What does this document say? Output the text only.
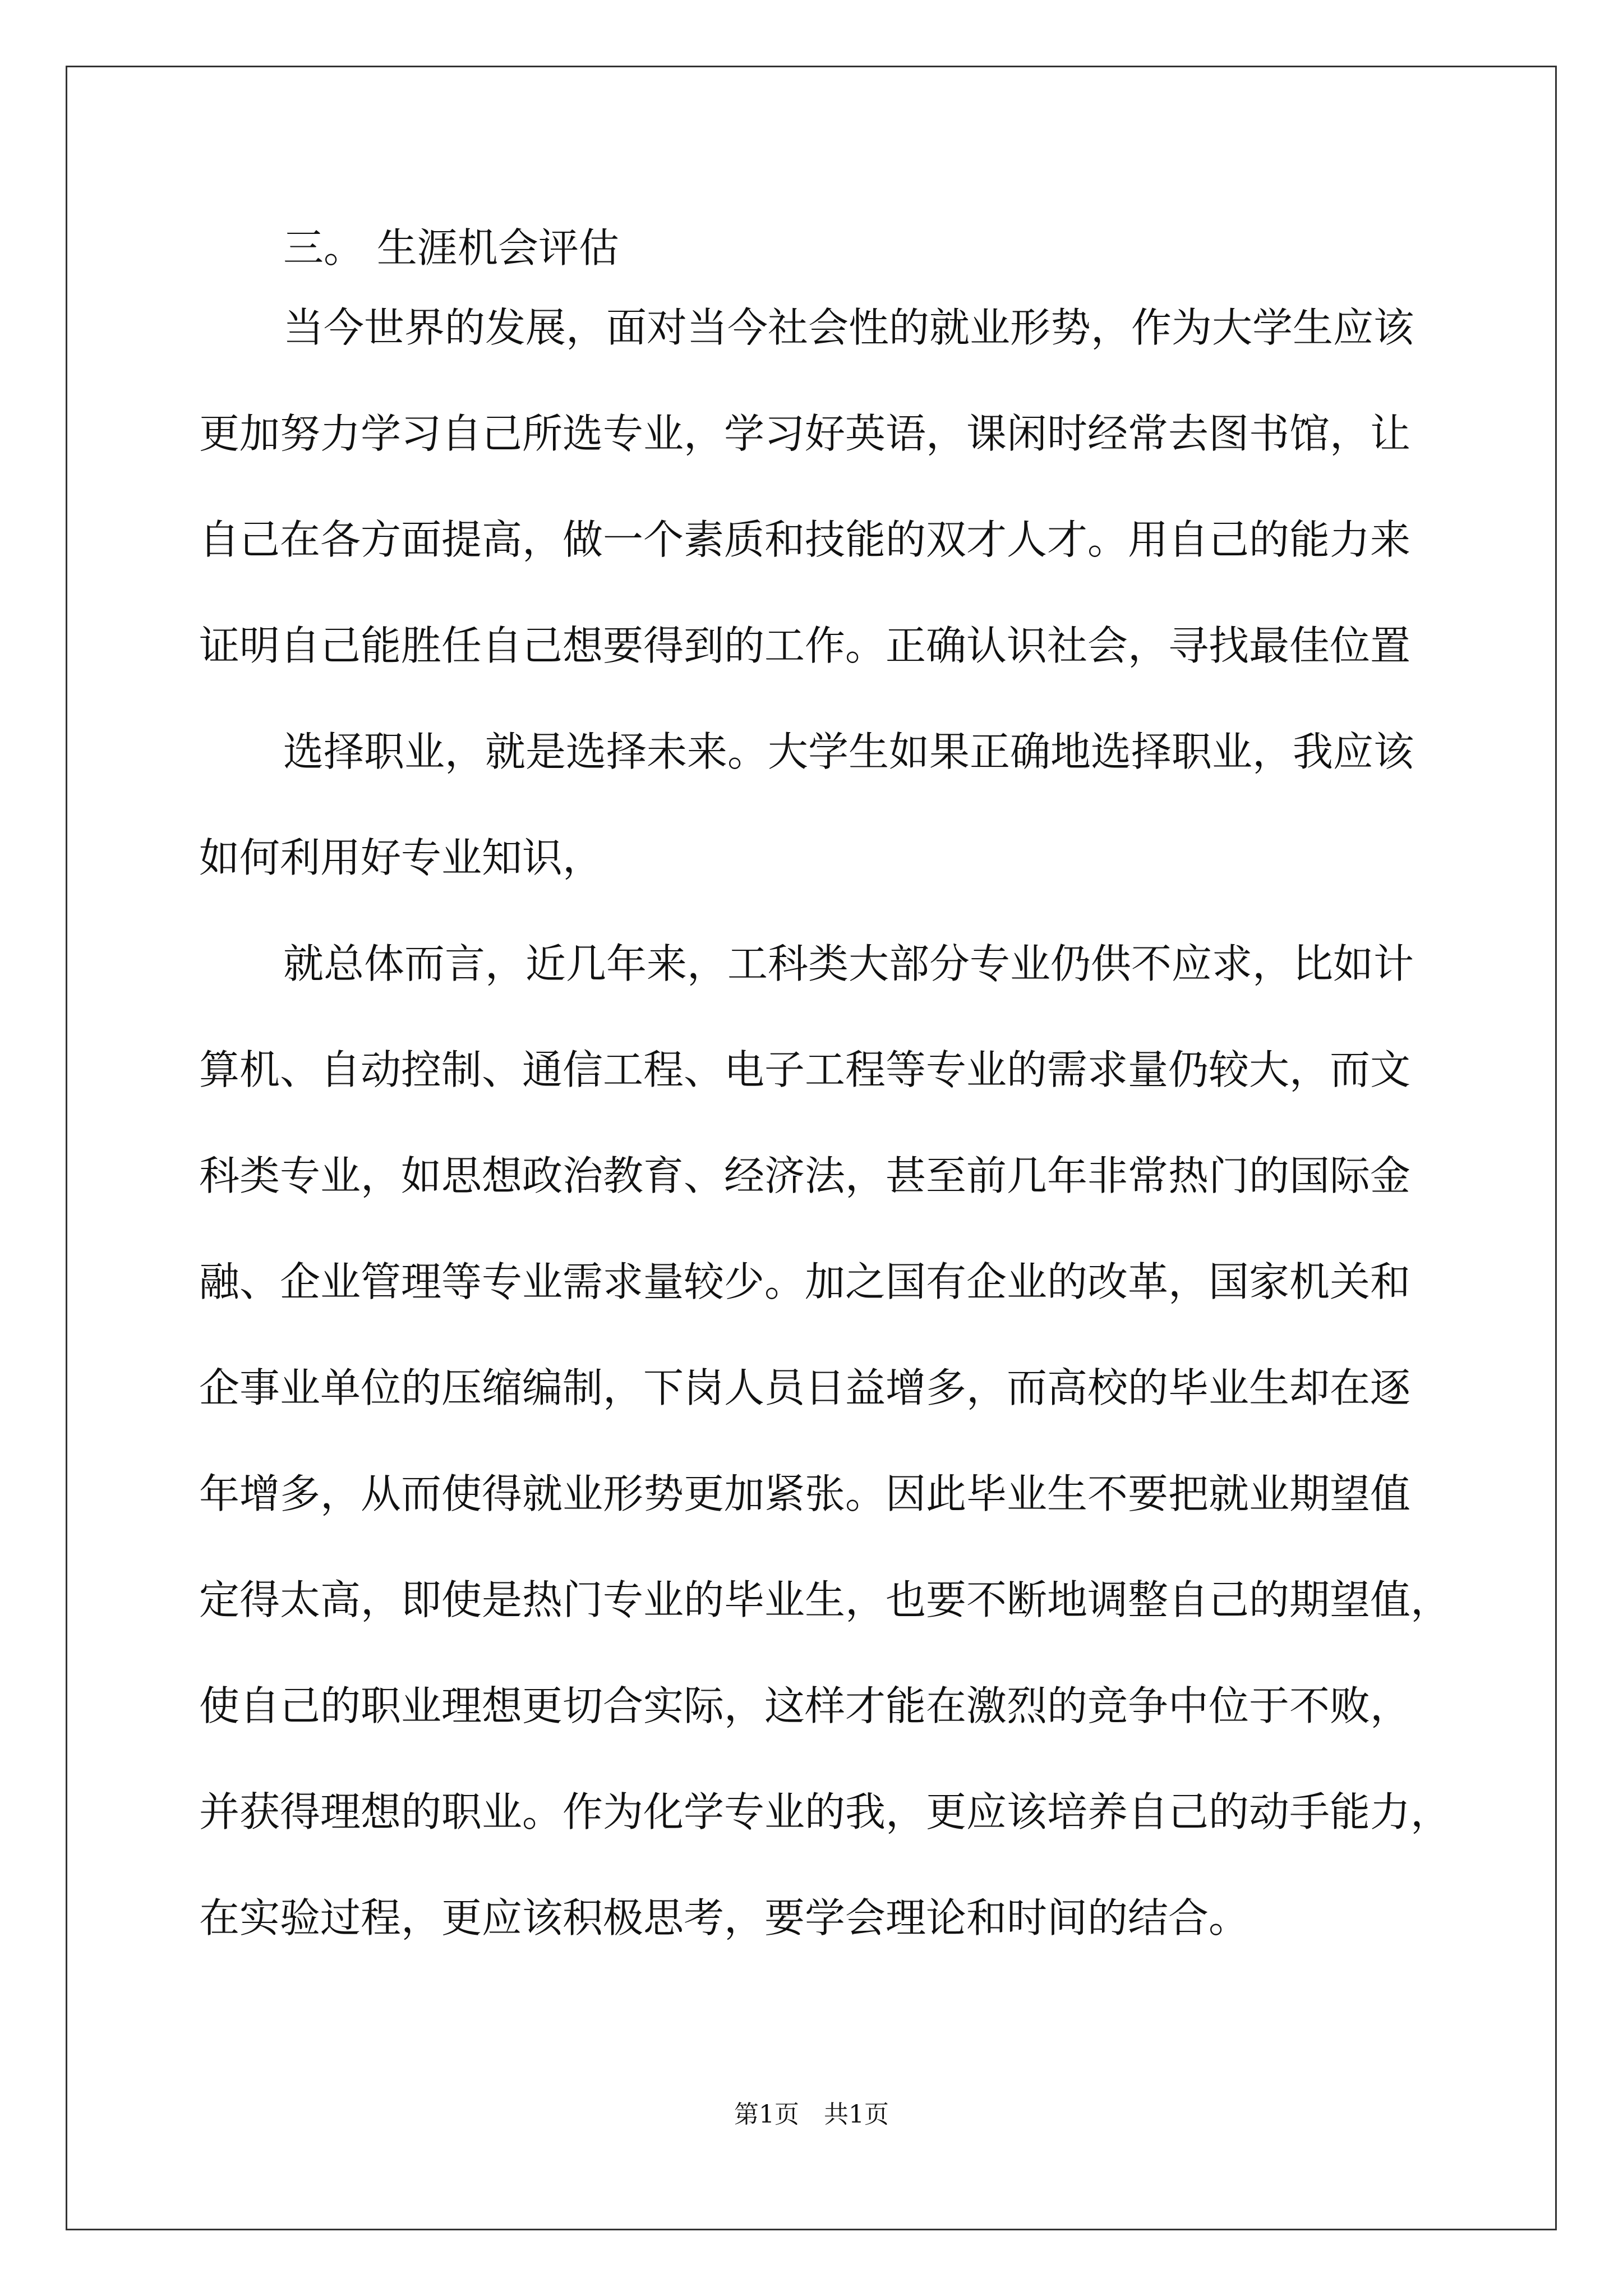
三。 生涯机会评估

当今世界的发展，面对当今社会性的就业形势，作为大学生应该
更加努力学习自己所选专业，学习好英语，课闲时经常去图书馆，让
自己在各方面提高，做一个素质和技能的双才人才。用自己的能力来
证明自己能胜任自己想要得到的工作。正确认识社会，寻找最佳位置

选择职业，就是选择未来。大学生如果正确地选择职业，我应该
如何利用好专业知识，

就总体而言，近几年来，工科类大部分专业仍供不应求，比如计
算机、自动控制、通信工程、电子工程等专业的需求量仍较大，而文
科类专业，如思想政治教育、经济法，甚至前几年非常热门的国际金
融、企业管理等专业需求量较少。加之国有企业的改革，国家机关和
企事业单位的压缩编制，下岗人员日益增多，而高校的毕业生却在逐
年增多，从而使得就业形势更加紧张。因此毕业生不要把就业期望值
定得太高，即使是热门专业的毕业生，也要不断地调整自己的期望值，
使自己的职业理想更切合实际，这样才能在激烈的竞争中位于不败，
并获得理想的职业。作为化学专业的我，更应该培养自己的动手能力，
在实验过程，更应该积极思考，要学会理论和时间的结合。

第1页　共1页
